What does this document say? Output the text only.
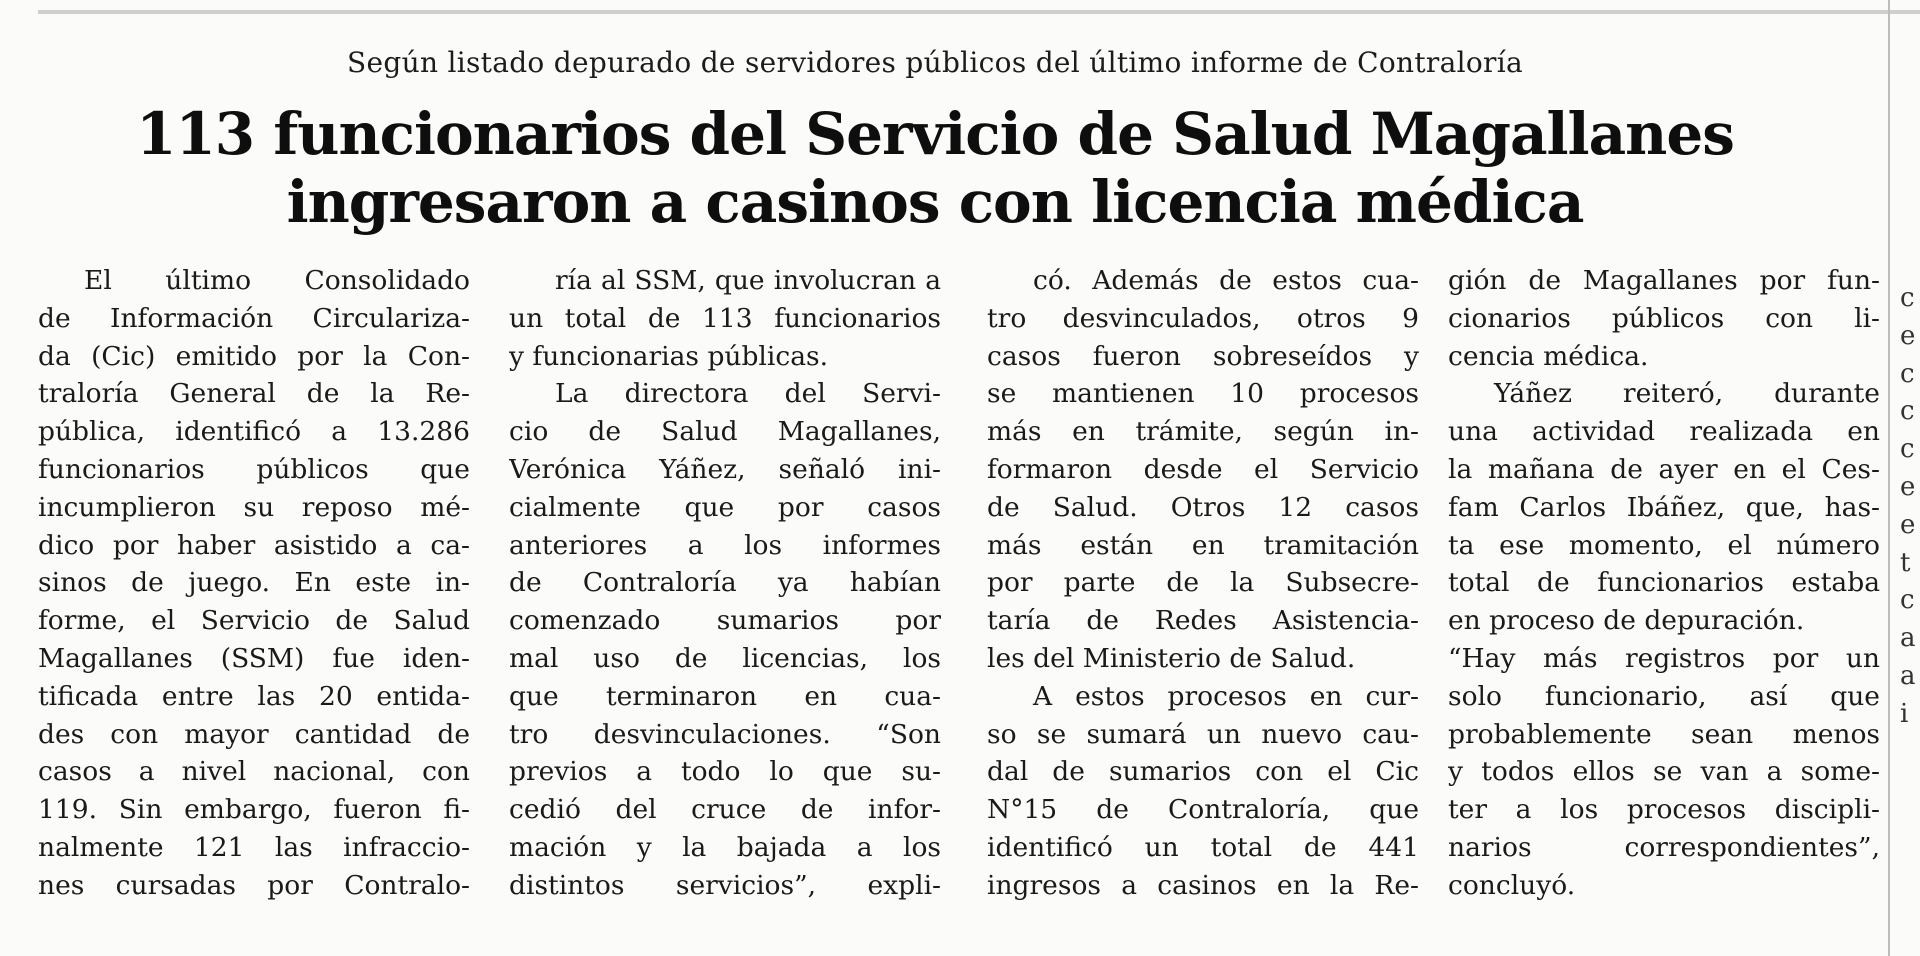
Según listado depurado de servidores públicos del último informe de Contraloría
113 funcionarios del Servicio de Salud Magallanes
ingresaron a casinos con licencia médica
El último Consolidado
de Información Circulariza-
da (Cic) emitido por la Con-
traloría General de la Re-
pública, identificó a 13.286
funcionarios públicos que
incumplieron su reposo mé-
dico por haber asistido a ca-
sinos de juego. En este in-
forme, el Servicio de Salud
Magallanes (SSM) fue iden-
tificada entre las 20 entida-
des con mayor cantidad de
casos a nivel nacional, con
119. Sin embargo, fueron fi-
nalmente 121 las infraccio-
nes cursadas por Contralo-
ría al SSM, que involucran a
un total de 113 funcionarios
y funcionarias públicas.
La directora del Servi-
cio de Salud Magallanes,
Verónica Yáñez, señaló ini-
cialmente que por casos
anteriores a los informes
de Contraloría ya habían
comenzado sumarios por
mal uso de licencias, los
que terminaron en cua-
tro desvinculaciones. “Son
previos a todo lo que su-
cedió del cruce de infor-
mación y la bajada a los
distintos servicios”, expli-
có. Además de estos cua-
tro desvinculados, otros 9
casos fueron sobreseídos y
se mantienen 10 procesos
más en trámite, según in-
formaron desde el Servicio
de Salud. Otros 12 casos
más están en tramitación
por parte de la Subsecre-
taría de Redes Asistencia-
les del Ministerio de Salud.
A estos procesos en cur-
so se sumará un nuevo cau-
dal de sumarios con el Cic
N°15 de Contraloría, que
identificó un total de 441
ingresos a casinos en la Re-
gión de Magallanes por fun-
cionarios públicos con li-
cencia médica.
Yáñez reiteró, durante
una actividad realizada en
la mañana de ayer en el Ces-
fam Carlos Ibáñez, que, has-
ta ese momento, el número
total de funcionarios estaba
en proceso de depuración.
“Hay más registros por un
solo funcionario, así que
probablemente sean menos
y todos ellos se van a some-
ter a los procesos discipli-
narios correspondientes”,
concluyó.
c
e
c
c
c
e
e
t
c
a
a
i
